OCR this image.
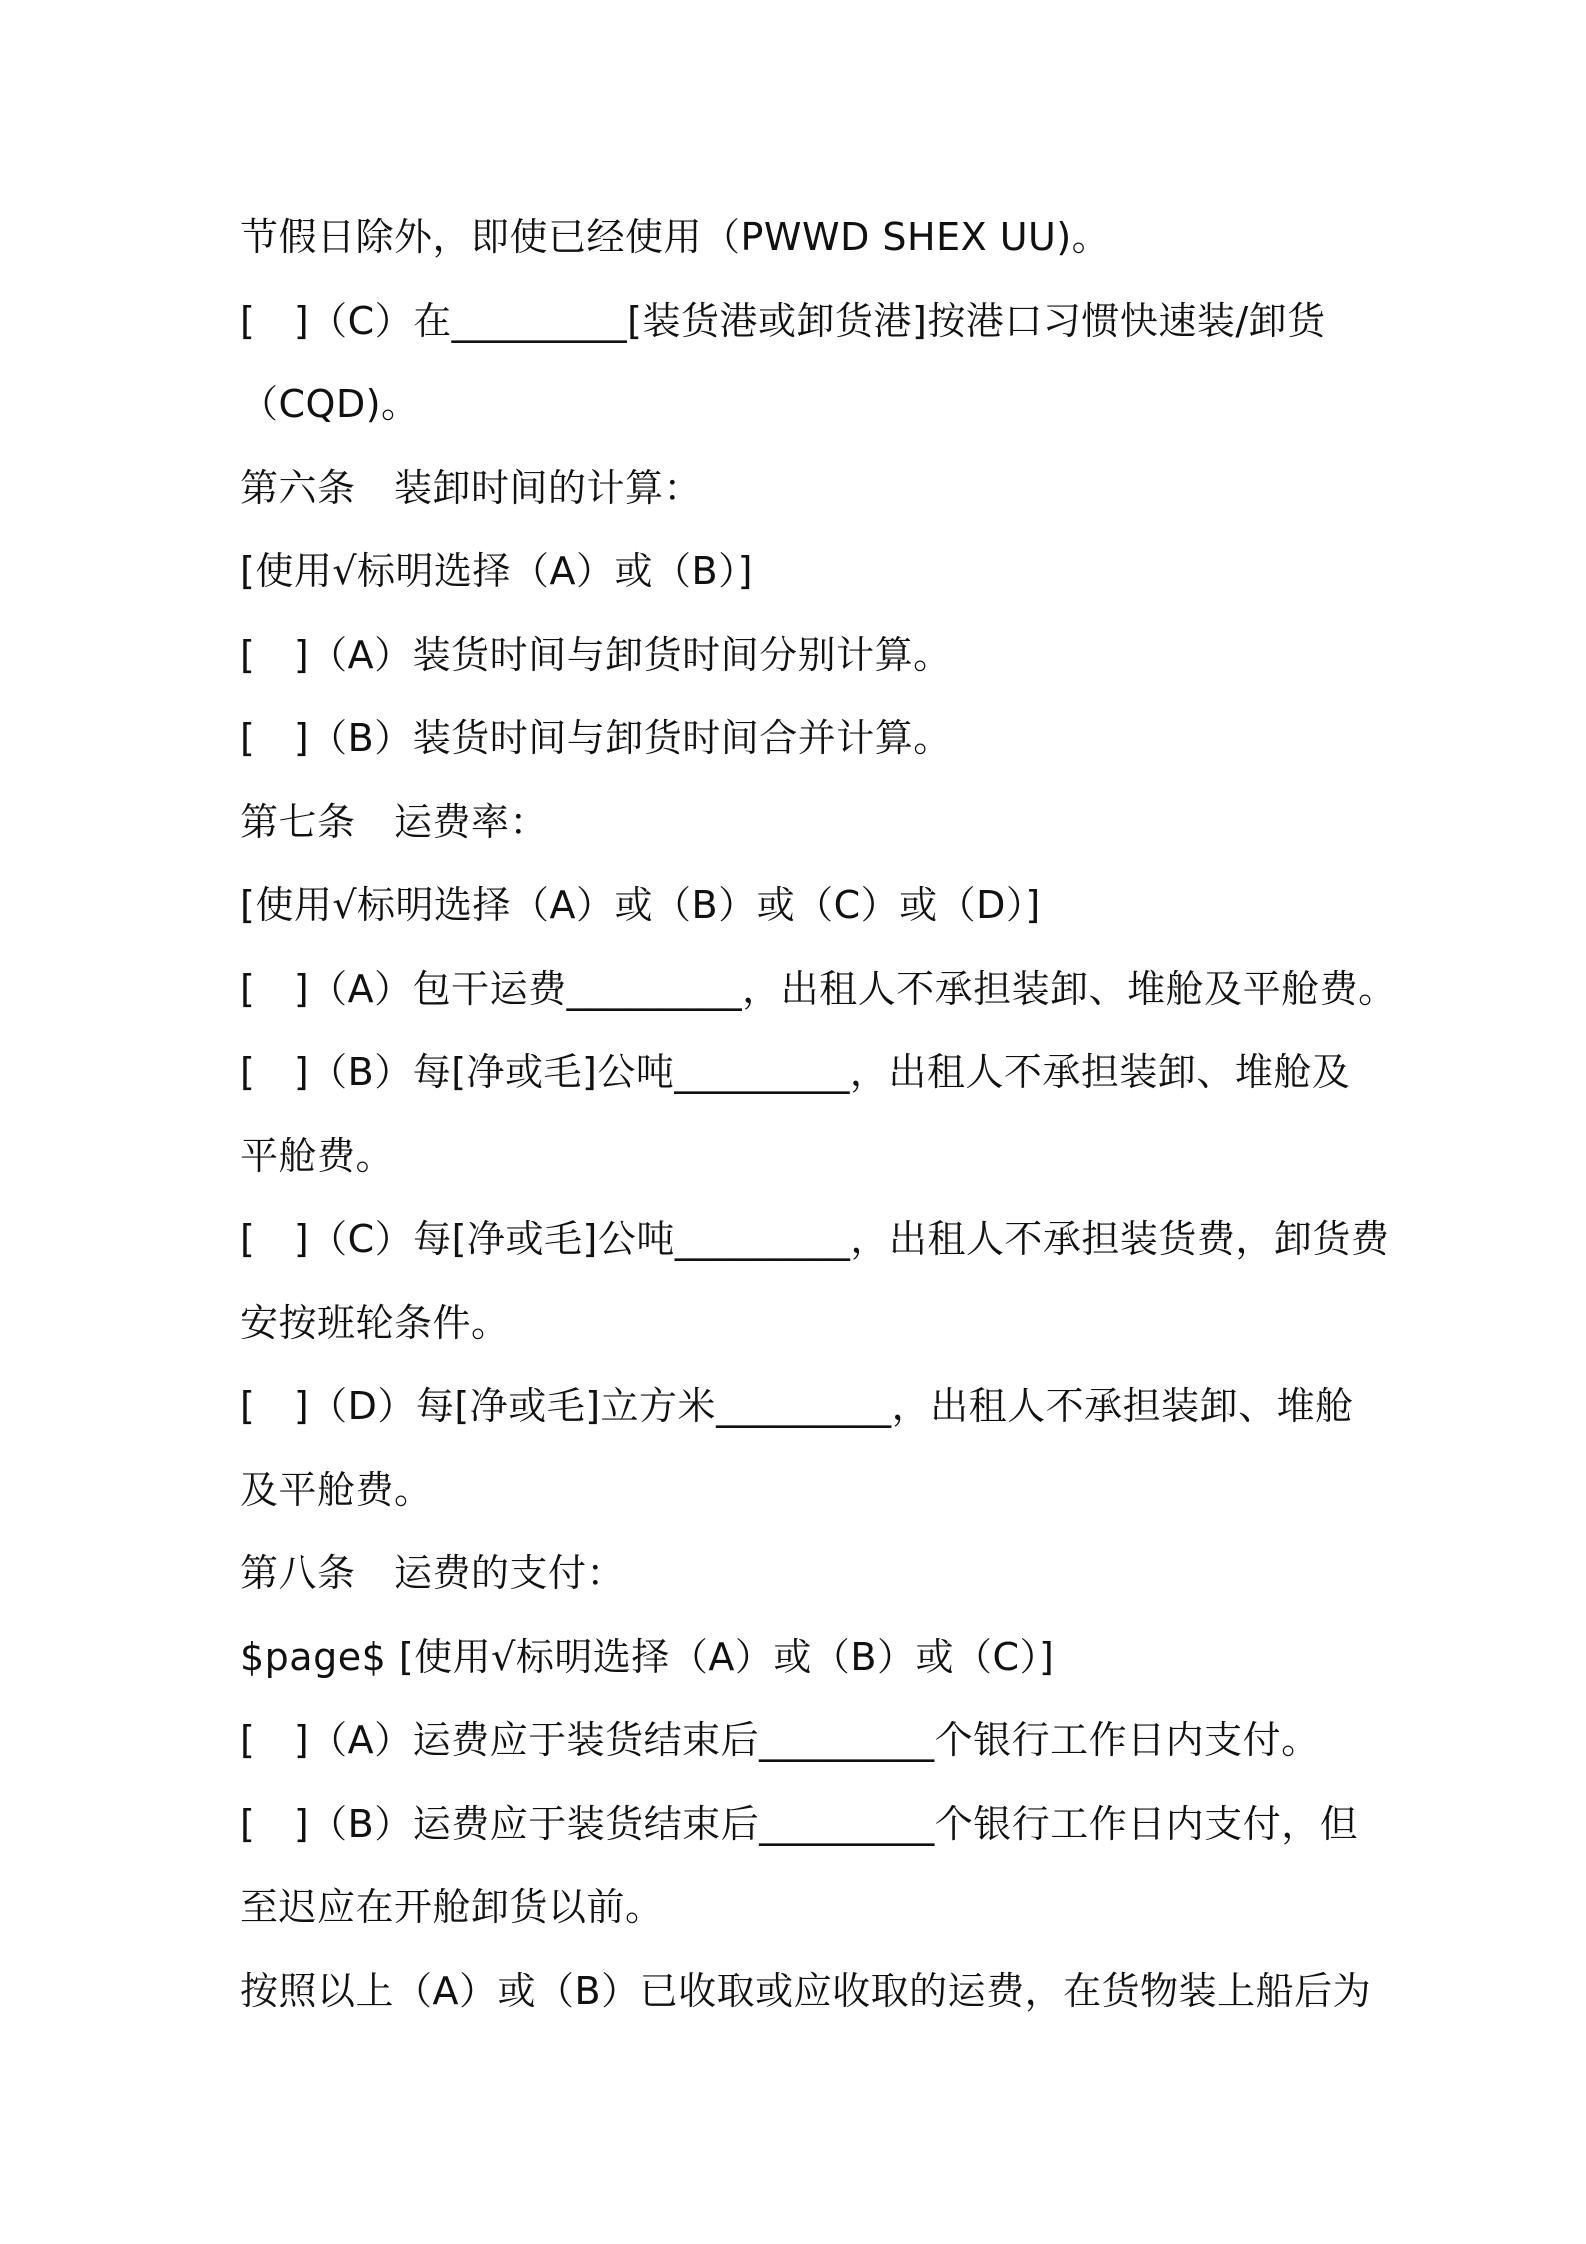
节假日除外，即使已经使用（PWWD SHEX UU)。
[　]（C）在_________[装货港或卸货港]按港口习惯快速装/卸货
（CQD)。
第六条　装卸时间的计算：
[使用√标明选择（A）或（B）]
[　]（A）装货时间与卸货时间分别计算。
[　]（B）装货时间与卸货时间合并计算。
第七条　运费率：
[使用√标明选择（A）或（B）或（C）或（D）]
[　]（A）包干运费_________，出租人不承担装卸、堆舱及平舱费。
[　]（B）每[净或毛]公吨_________，出租人不承担装卸、堆舱及
平舱费。
[　]（C）每[净或毛]公吨_________，出租人不承担装货费，卸货费
安按班轮条件。
[　]（D）每[净或毛]立方米_________，出租人不承担装卸、堆舱
及平舱费。
第八条　运费的支付：
$page$ [使用√标明选择（A）或（B）或（C）]
[　]（A）运费应于装货结束后_________个银行工作日内支付。
[　]（B）运费应于装货结束后_________个银行工作日内支付，但
至迟应在开舱卸货以前。
按照以上（A）或（B）已收取或应收取的运费，在货物装上船后为
